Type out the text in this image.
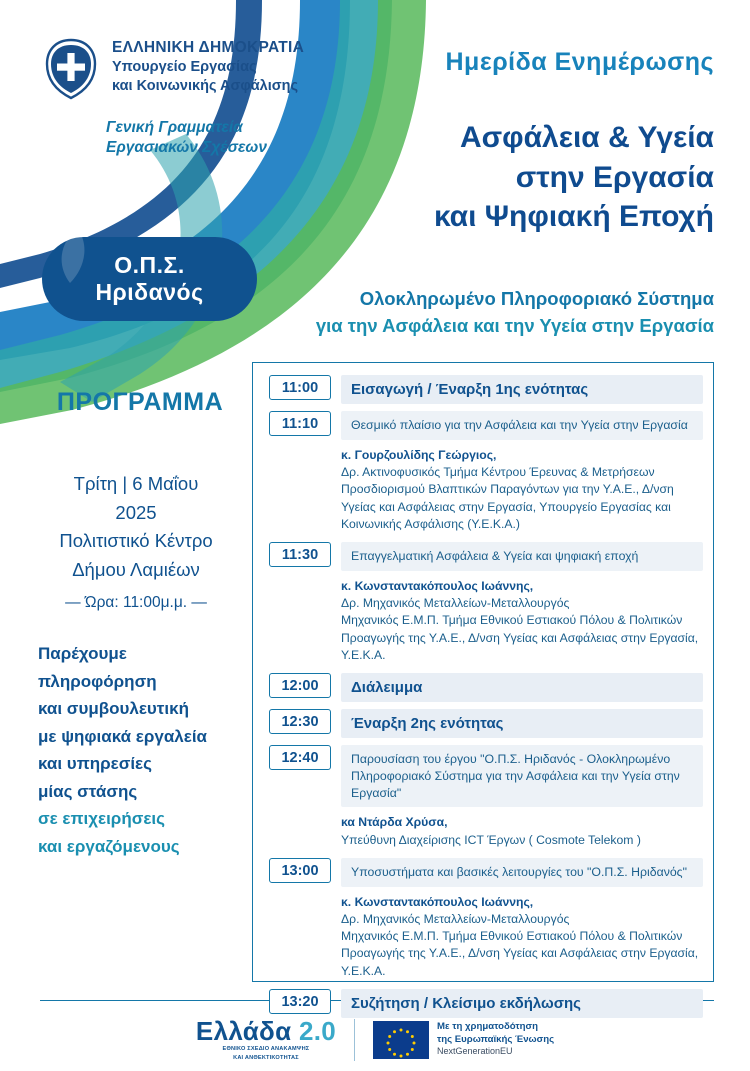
ΕΛΛΗΝΙΚΗ ΔΗΜΟΚΡΑΤΙΑ
Υπουργείο Εργασίας
και Κοινωνικής Ασφάλισης
Γενική Γραμματεία
Εργασιακών Σχέσεων
Ημερίδα Ενημέρωσης
Ασφάλεια & Υγεία
στην Εργασία
και Ψηφιακή Εποχή
Ολοκληρωμένο Πληροφοριακό Σύστημα
για την Ασφάλεια και την Υγεία στην Εργασία
Ο.Π.Σ.
Ηριδανός
ΠΡΟΓΡΑΜΜΑ
Τρίτη | 6 Μαΐου
2025
Πολιτιστικό Κέντρο
Δήμου Λαμιέων
— Ώρα: 11:00μ.μ. —
Παρέχουμε
πληροφόρηση
και συμβουλευτική
με ψηφιακά εργαλεία
και υπηρεσίες
μίας στάσης
σε επιχειρήσεις
και εργαζόμενους
11:00	Εισαγωγή / Έναρξη 1ης ενότητας
11:10	Θεσμικό πλαίσιο για την Ασφάλεια και την Υγεία στην Εργασία
κ. Γουρζουλίδης Γεώργιος,
Δρ. Ακτινοφυσικός Τμήμα Κέντρου Έρευνας & Μετρήσεων Προσδιορισμού Βλαπτικών Παραγόντων για την Υ.Α.Ε., Δ/νση Υγείας και Ασφάλειας στην Εργασία, Υπουργείο Εργασίας και Κοινωνικής Ασφάλισης (Υ.Ε.Κ.Α.)
11:30	Επαγγελματική Ασφάλεια & Υγεία και ψηφιακή εποχή
κ. Κωνσταντακόπουλος Ιωάννης,
Δρ. Μηχανικός Μεταλλείων-Μεταλλουργός
Μηχανικός Ε.Μ.Π. Τμήμα Εθνικού Εστιακού Πόλου & Πολιτικών Προαγωγής της Υ.Α.Ε., Δ/νση Υγείας και Ασφάλειας στην Εργασία, Υ.Ε.Κ.Α.
12:00	Διάλειμμα
12:30	Έναρξη 2ης ενότητας
12:40	Παρουσίαση του έργου "Ο.Π.Σ. Ηριδανός - Ολοκληρωμένο Πληροφοριακό Σύστημα για την Ασφάλεια και την Υγεία στην Εργασία"
κα Ντάρδα Χρύσα,
Υπεύθυνη Διαχείρισης ICT Έργων ( Cosmote Telekom )
13:00	Υποσυστήματα και βασικές λειτουργίες του "Ο.Π.Σ. Ηριδανός"
κ. Κωνσταντακόπουλος Ιωάννης,
Δρ. Μηχανικός Μεταλλείων-Μεταλλουργός
Μηχανικός Ε.Μ.Π. Τμήμα Εθνικού Εστιακού Πόλου & Πολιτικών Προαγωγής της Υ.Α.Ε., Δ/νση Υγείας και Ασφάλειας στην Εργασία, Υ.Ε.Κ.Α.
13:20	Συζήτηση / Κλείσιμο εκδήλωσης
Ελλάδα 2.0
ΕΘΝΙΚΟ ΣΧΕΔΙΟ ΑΝΑΚΑΜΨΗΣ
ΚΑΙ ΑΝΘΕΚΤΙΚΟΤΗΤΑΣ
Με τη χρηματοδότηση
της Ευρωπαϊκής Ένωσης
NextGenerationEU
